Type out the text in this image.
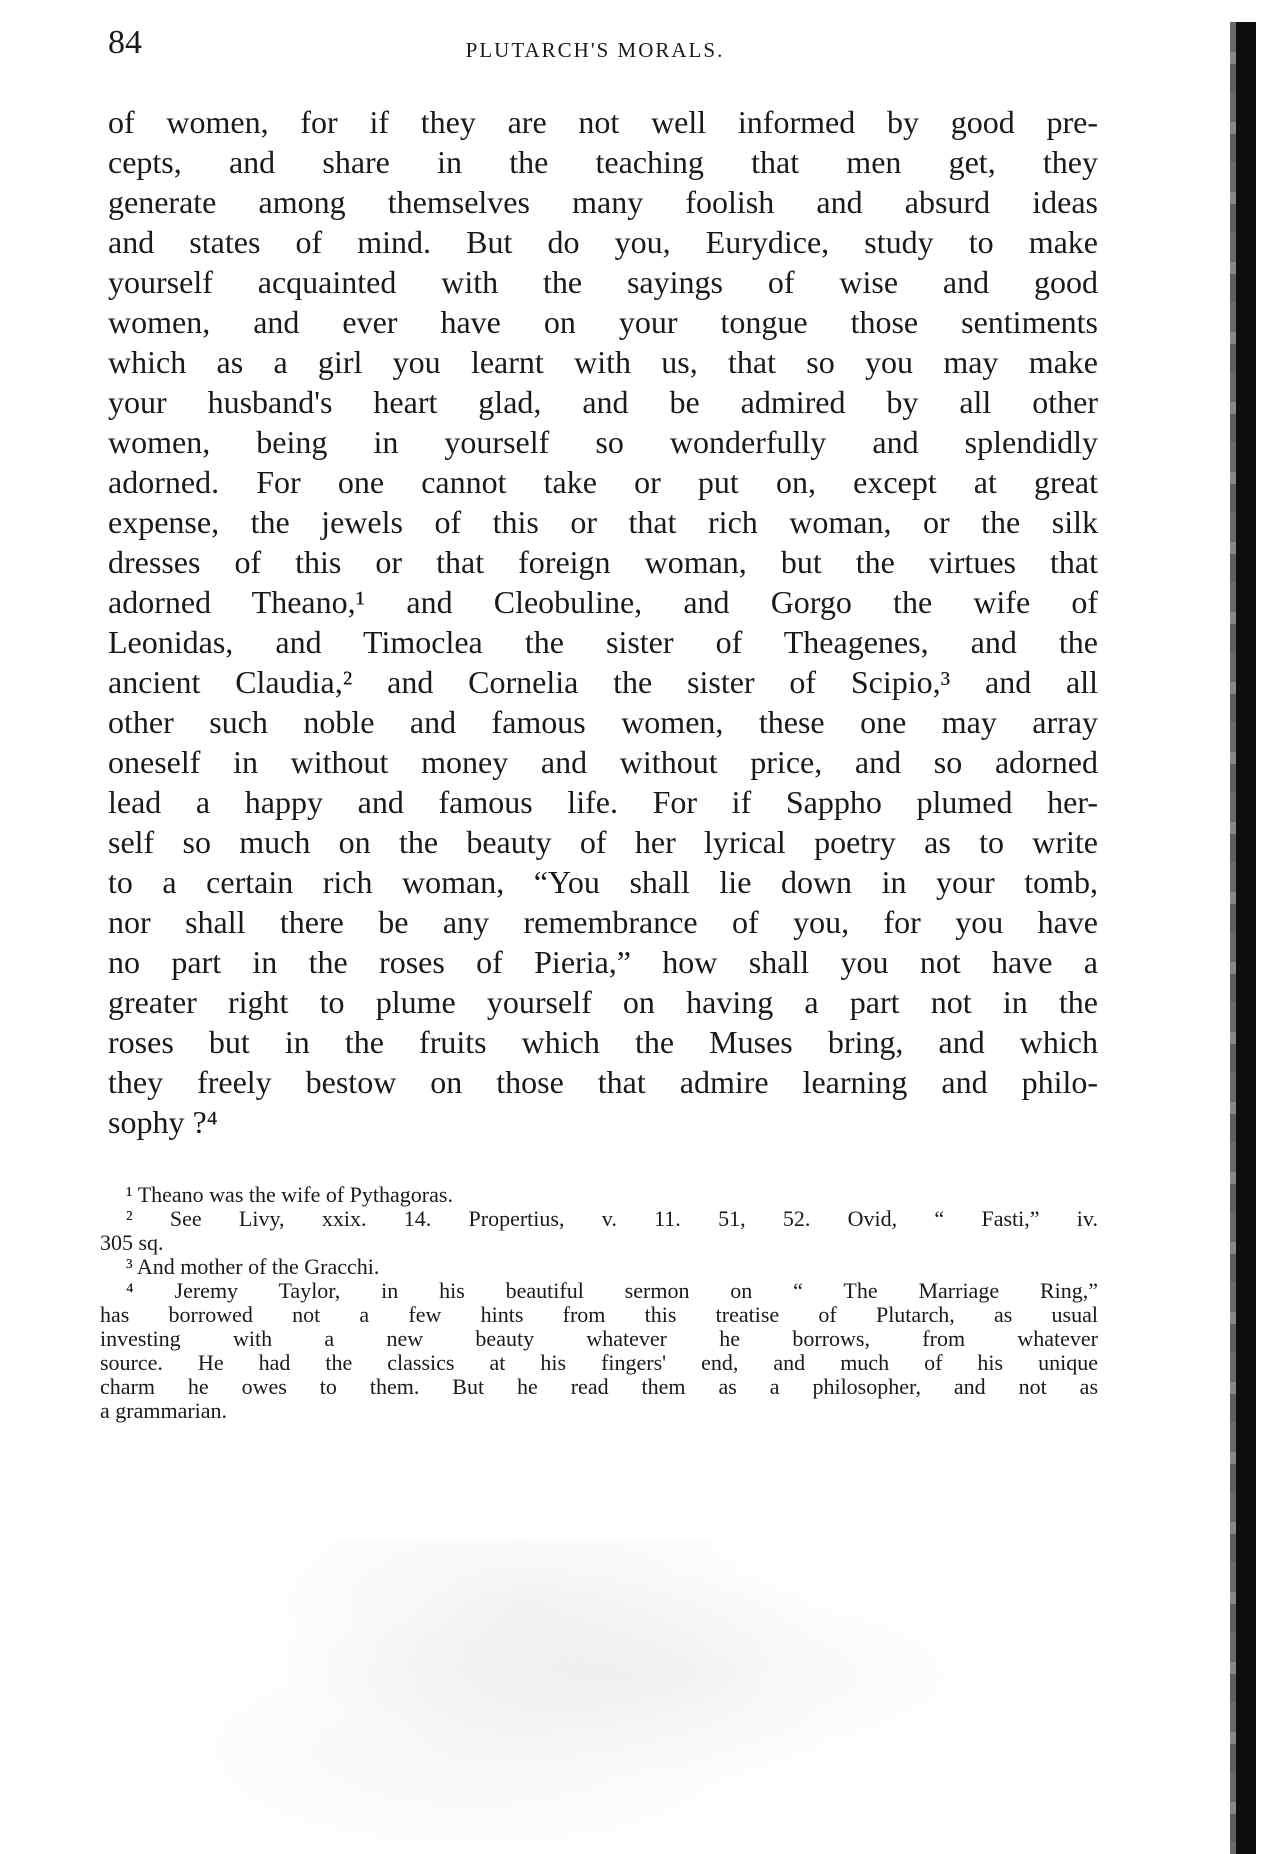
84	PLUTARCH'S MORALS.
of women, for if they are not well informed by good pre-
cepts, and share in the teaching that men get, they
generate among themselves many foolish and absurd ideas
and states of mind. But do you, Eurydice, study to make
yourself acquainted with the sayings of wise and good
women, and ever have on your tongue those sentiments
which as a girl you learnt with us, that so you may make
your husband's heart glad, and be admired by all other
women, being in yourself so wonderfully and splendidly
adorned. For one cannot take or put on, except at great
expense, the jewels of this or that rich woman, or the silk
dresses of this or that foreign woman, but the virtues that
adorned Theano,¹ and Cleobuline, and Gorgo the wife of
Leonidas, and Timoclea the sister of Theagenes, and the
ancient Claudia,² and Cornelia the sister of Scipio,³ and all
other such noble and famous women, these one may array
oneself in without money and without price, and so adorned
lead a happy and famous life. For if Sappho plumed her-
self so much on the beauty of her lyrical poetry as to write
to a certain rich woman, “You shall lie down in your tomb,
nor shall there be any remembrance of you, for you have
no part in the roses of Pieria,” how shall you not have a
greater right to plume yourself on having a part not in the
roses but in the fruits which the Muses bring, and which
they freely bestow on those that admire learning and philo-
sophy ?⁴
¹ Theano was the wife of Pythagoras.
² See Livy, xxix. 14. Propertius, v. 11. 51, 52. Ovid, “ Fasti,” iv.
305 sq.
³ And mother of the Gracchi.
⁴ Jeremy Taylor, in his beautiful sermon on “ The Marriage Ring,”
has borrowed not a few hints from this treatise of Plutarch, as usual
investing with a new beauty whatever he borrows, from whatever
source. He had the classics at his fingers' end, and much of his unique
charm he owes to them. But he read them as a philosopher, and not as
a grammarian.
